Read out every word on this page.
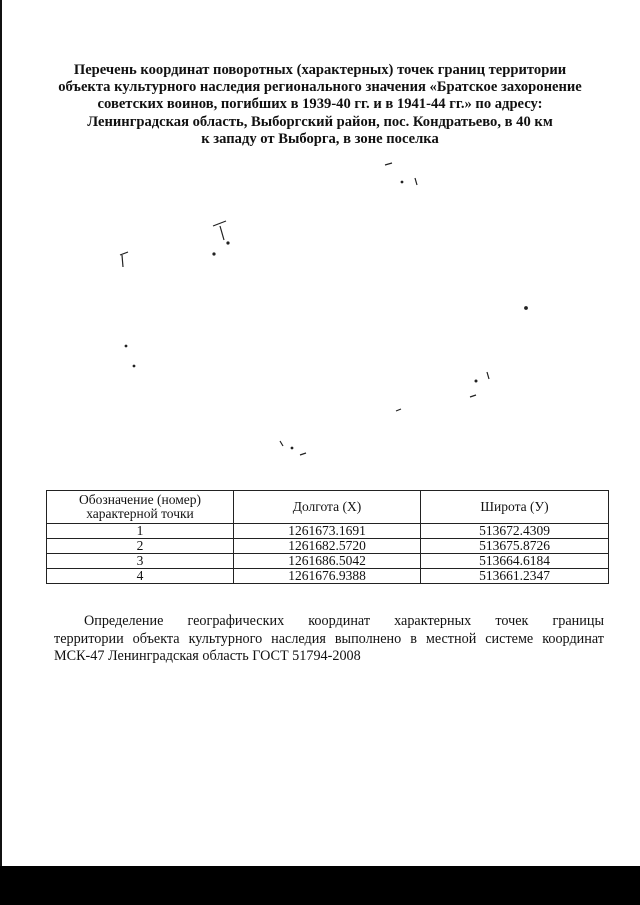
Перечень координат поворотных (характерных) точек границ территории
объекта культурного наследия регионального значения «Братское захоронение
советских воинов, погибших в 1939-40 гг. и в 1941-44 гг.» по адресу:
Ленинградская область, Выборгский район, пос. Кондратьево, в 40 км
к западу от Выборга, в зоне поселка
Обозначение (номер) характерной точки	Долгота (X)	Широта (У)
1	1261673.1691	513672.4309
2	1261682.5720	513675.8726
3	1261686.5042	513664.6184
4	1261676.9388	513661.2347
Определение географических координат характерных точек границы
территории объекта культурного наследия выполнено в местной системе координат
МСК-47 Ленинградская область ГОСТ 51794-2008
